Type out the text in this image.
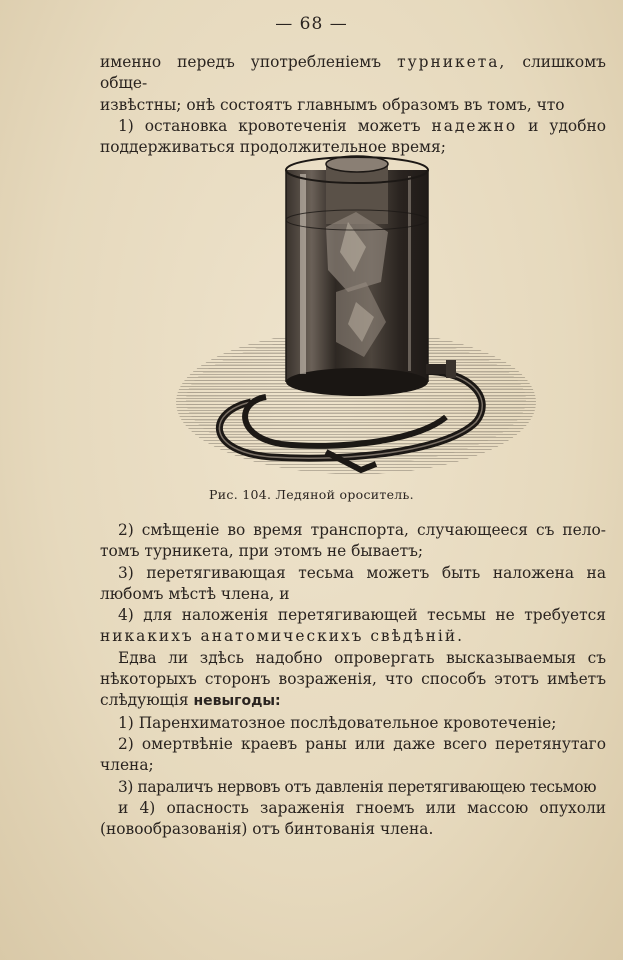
— 68 —

именно передъ употребленіемъ турникета, слишкомъ обще-

извѣстны; онѣ состоятъ главнымъ образомъ въ томъ, что

1) остановка кровотеченія можетъ надежно и удобно

поддерживаться продолжительное время;

Рис. 104. Ледяной ороситель.

2) смѣщеніе во время транспорта, случающееся съ пело-

томъ турникета, при этомъ не бываетъ;

3) перетягивающая тесьма можетъ быть наложена на

любомъ мѣстѣ члена, и

4) для наложенія перетягивающей тесьмы не требуется

никакихъ анатомическихъ свѣдѣній.

Едва ли здѣсь надобно опровергать высказываемыя съ

нѣкоторыхъ сторонъ возраженія, что способъ этотъ имѣетъ

слѣдующія невыгоды:

1) Паренхиматозное послѣдовательное кровотеченіе;

2) омертвѣніе краевъ раны или даже всего перетянутаго

члена;

3) параличъ нервовъ отъ давленія перетягивающею тесьмою

и 4) опасность зараженія гноемъ или массою опухоли

(новообразованія) отъ бинтованія члена.
